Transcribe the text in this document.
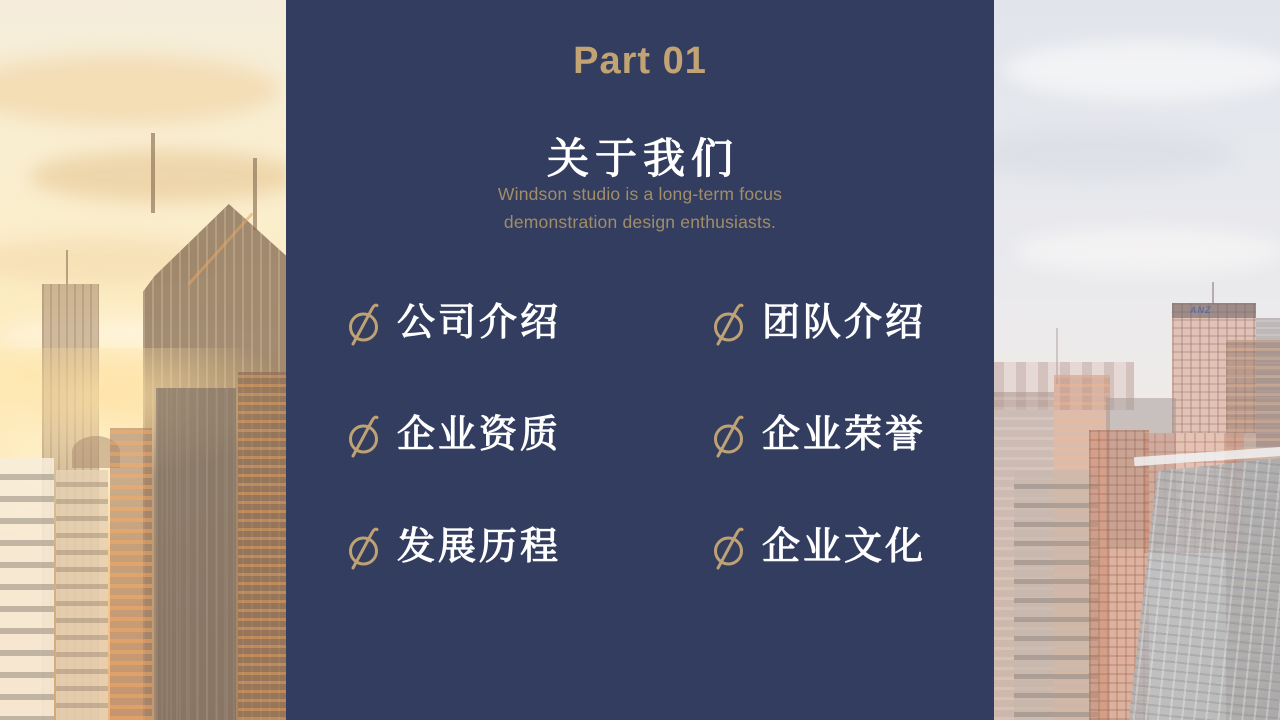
ANZ
Part 01
关于我们

Windson studio is a long-term focus
demonstration design enthusiasts.

公司介绍	团队介绍
企业资质	企业荣誉
发展历程	企业文化
